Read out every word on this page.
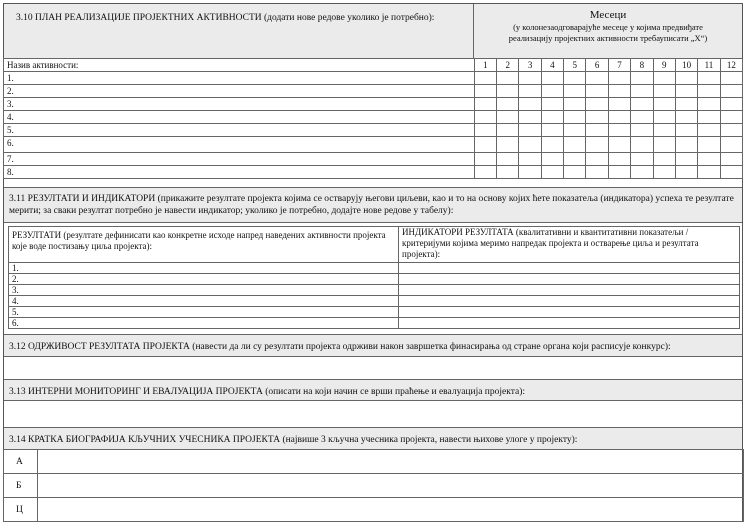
3.10 ПЛАН РЕАЛИЗАЦИЈЕ ПРОЈЕКТНИХ АКТИВНОСТИ (додати нове редове уколико је потребно):	Месеци
(у колонезаодговарајуће месеце у којима предвиђате реализацију пројектних активности требауписати „Х“)
Назив активности:	1	2	3	4	5	6	7	8	9	10	11	12
1.												
2.												
3.												
4.												
5.												
6.												
7.												
8.												
3.11 РЕЗУЛТАТИ И ИНДИКАТОРИ (прикажите резултате пројекта којима се остварују његови циљеви, као и то на основу којих ћете показатеља (индикатора) успеха те резултате мерити; за сваки резултат потребно је навести индикатор; уколико је потребно, додајте нове редове у табелу):
РЕЗУЛТАТИ (резултате дефинисати као конкретне исходе напред наведених активности пројекта које воде постизању циља пројекта):	ИНДИКАТОРИ РЕЗУЛТАТА (квалитативни и квантитативни показатељи / критеријуми којима меримо напредак пројекта и остварење циља и резултата пројекта):
1.	
2.	
3.	
4.	
5.	
6.	
3.12 ОДРЖИВОСТ РЕЗУЛТАТА ПРОЈЕКТА (навести да ли су резултати пројекта одрживи након завршетка финасирања од стране органа који расписује конкурс):
3.13 ИНТЕРНИ МОНИТОРИНГ И ЕВАЛУАЦИЈА ПРОЈЕКТА (описати на који начин се врши праћење и евалуација пројекта):
3.14 КРАТКА БИОГРАФИЈА КЉУЧНИХ УЧЕСНИКА ПРОЈЕКТА (највише 3 кључна учесника пројекта, навести њихове улоге у пројекту):
А	
Б	
Ц	
